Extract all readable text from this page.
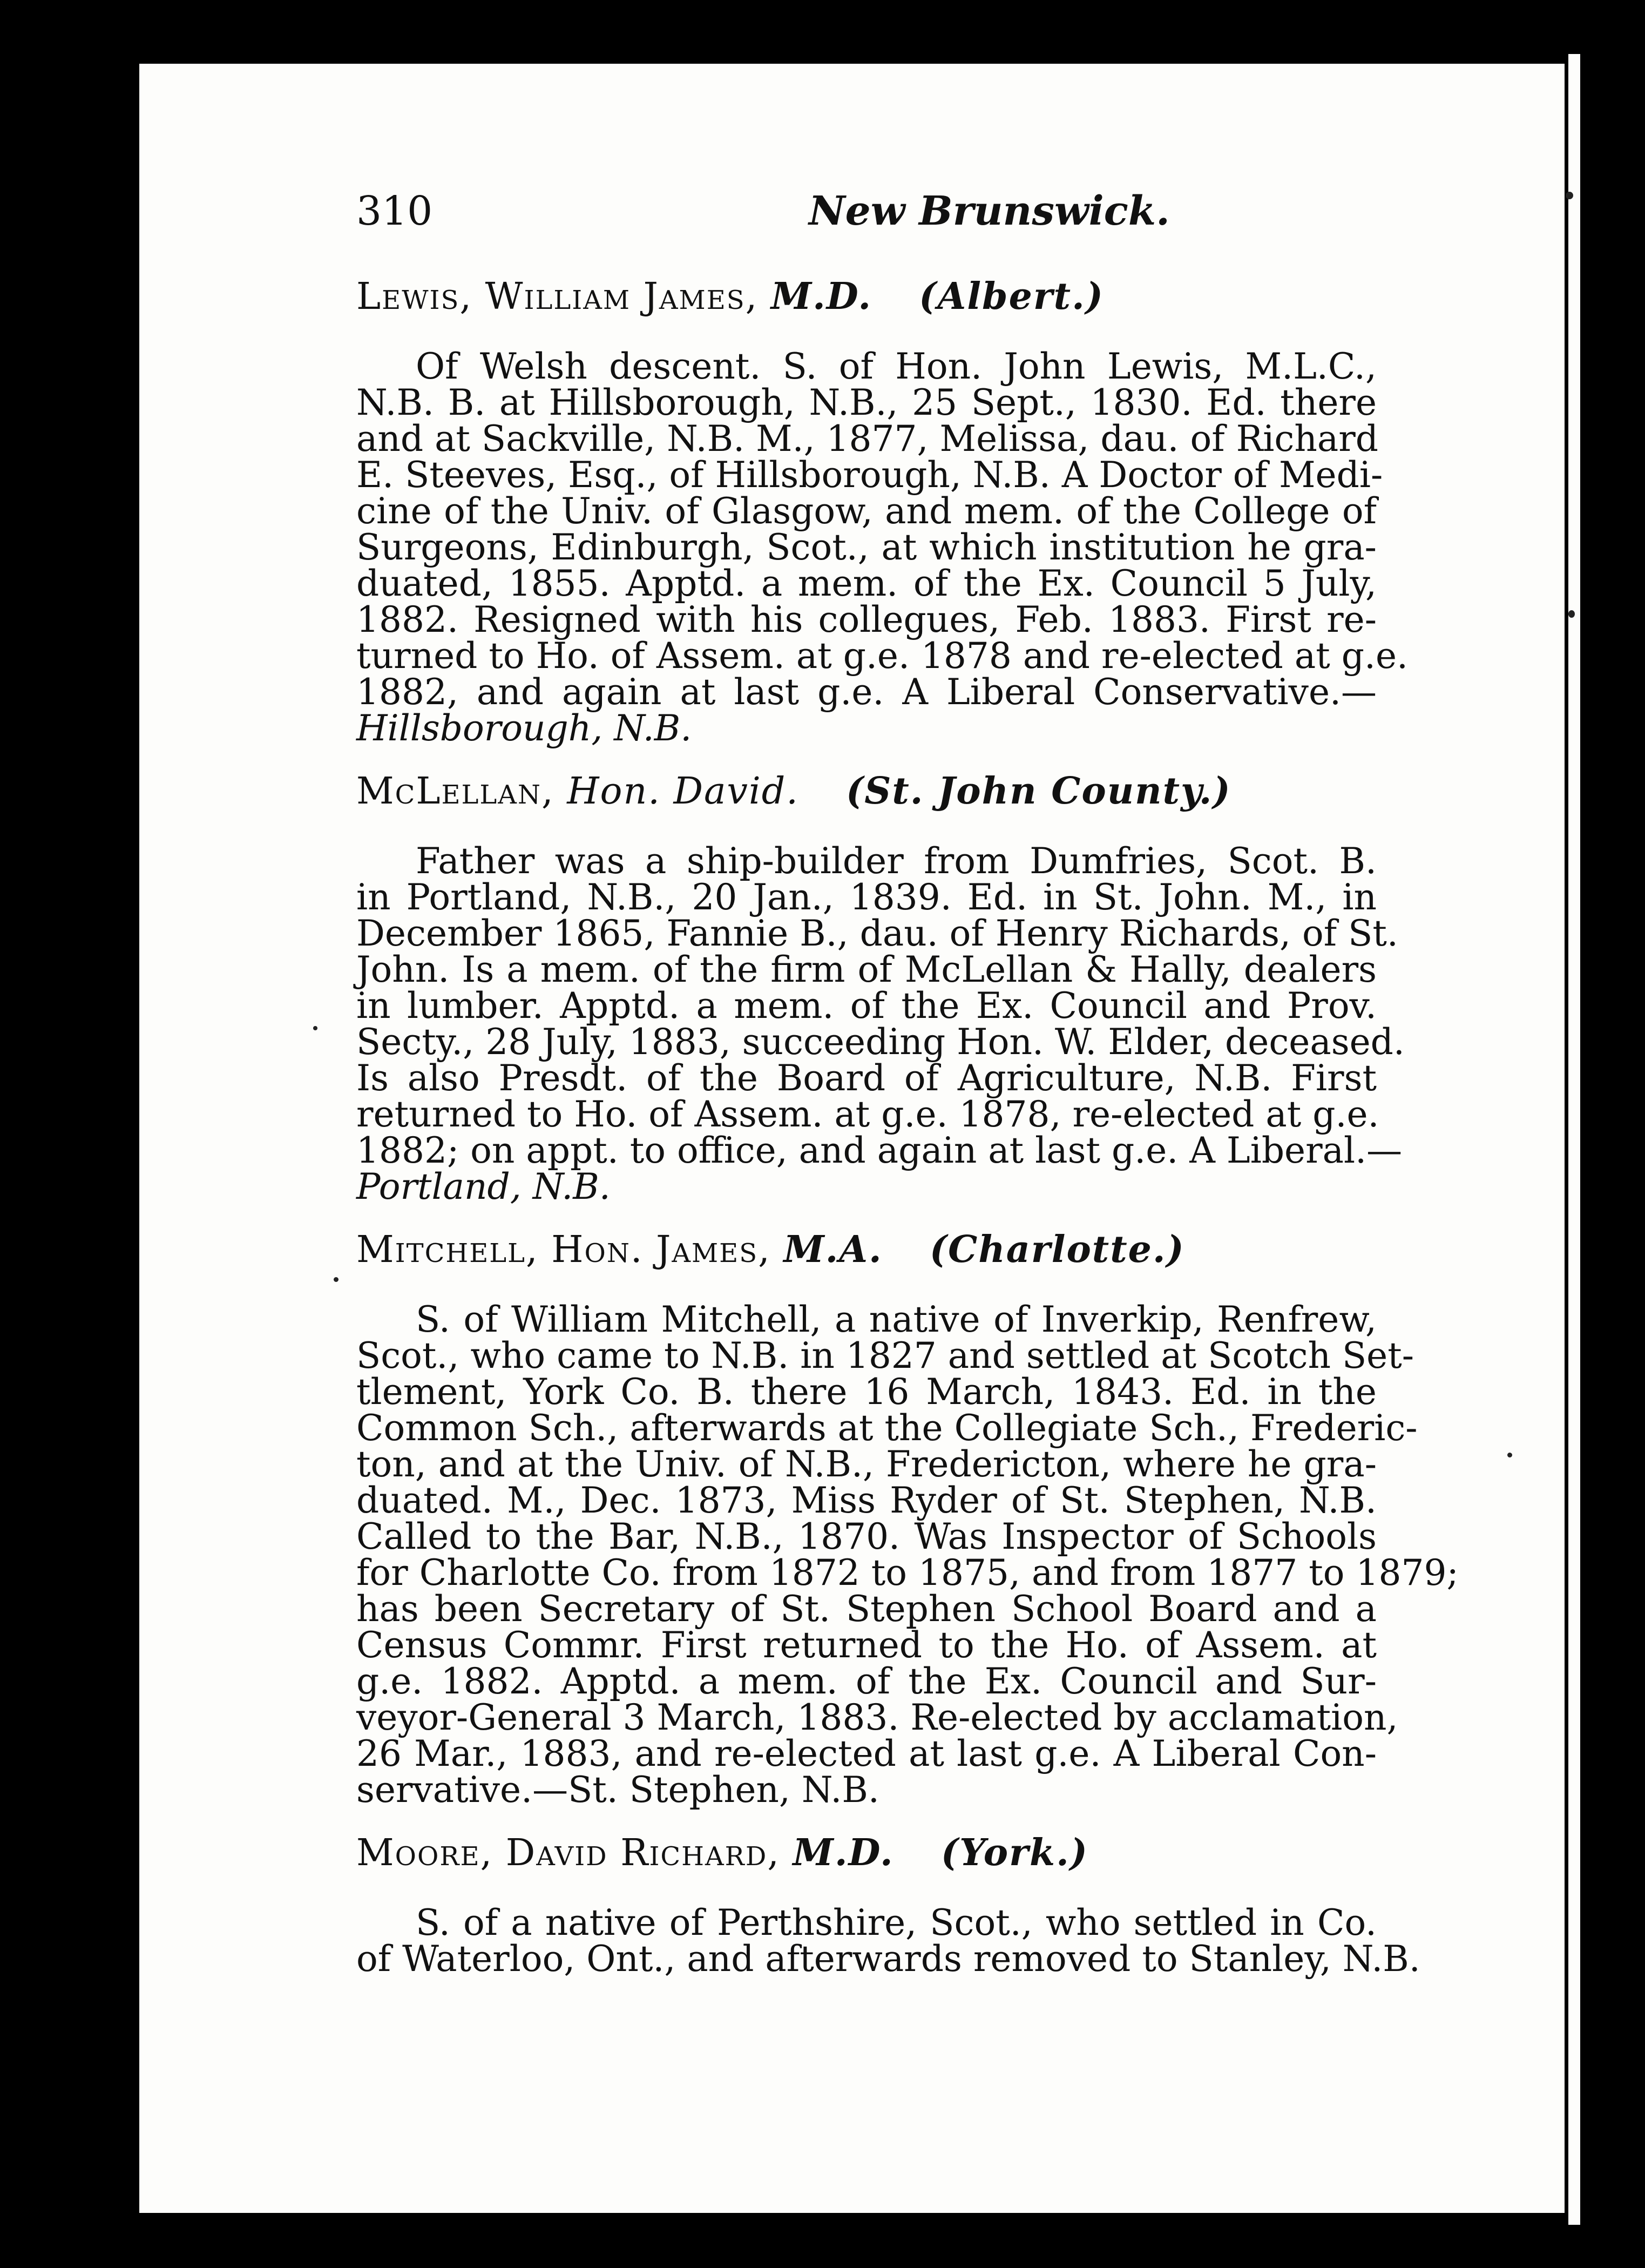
310	New Brunswick.
Lewis, William James, M.D. (Albert.)
Of Welsh descent. S. of Hon. John Lewis, M.L.C.,
N.B. B. at Hillsborough, N.B., 25 Sept., 1830. Ed. there
and at Sackville, N.B. M., 1877, Melissa, dau. of Richard
E. Steeves, Esq., of Hillsborough, N.B. A Doctor of Medi-
cine of the Univ. of Glasgow, and mem. of the College of
Surgeons, Edinburgh, Scot., at which institution he gra-
duated, 1855. Apptd. a mem. of the Ex. Council 5 July,
1882. Resigned with his collegues, Feb. 1883. First re-
turned to Ho. of Assem. at g.e. 1878 and re-elected at g.e.
1882, and again at last g.e. A Liberal Conservative.—
Hillsborough, N.B.
McLellan, Hon. David. (St. John County.)
Father was a ship-builder from Dumfries, Scot. B.
in Portland, N.B., 20 Jan., 1839. Ed. in St. John. M., in
December 1865, Fannie B., dau. of Henry Richards, of St.
John. Is a mem. of the firm of McLellan & Hally, dealers
in lumber. Apptd. a mem. of the Ex. Council and Prov.
Secty., 28 July, 1883, succeeding Hon. W. Elder, deceased.
Is also Presdt. of the Board of Agriculture, N.B. First
returned to Ho. of Assem. at g.e. 1878, re-elected at g.e.
1882; on appt. to office, and again at last g.e. A Liberal.—
Portland, N.B.
Mitchell, Hon. James, M.A. (Charlotte.)
S. of William Mitchell, a native of Inverkip, Renfrew,
Scot., who came to N.B. in 1827 and settled at Scotch Set-
tlement, York Co. B. there 16 March, 1843. Ed. in the
Common Sch., afterwards at the Collegiate Sch., Frederic-
ton, and at the Univ. of N.B., Fredericton, where he gra-
duated. M., Dec. 1873, Miss Ryder of St. Stephen, N.B.
Called to the Bar, N.B., 1870. Was Inspector of Schools
for Charlotte Co. from 1872 to 1875, and from 1877 to 1879;
has been Secretary of St. Stephen School Board and a
Census Commr. First returned to the Ho. of Assem. at
g.e. 1882. Apptd. a mem. of the Ex. Council and Sur-
veyor-General 3 March, 1883. Re-elected by acclamation,
26 Mar., 1883, and re-elected at last g.e. A Liberal Con-
servative.—St. Stephen, N.B.
Moore, David Richard, M.D. (York.)
S. of a native of Perthshire, Scot., who settled in Co.
of Waterloo, Ont., and afterwards removed to Stanley, N.B.
